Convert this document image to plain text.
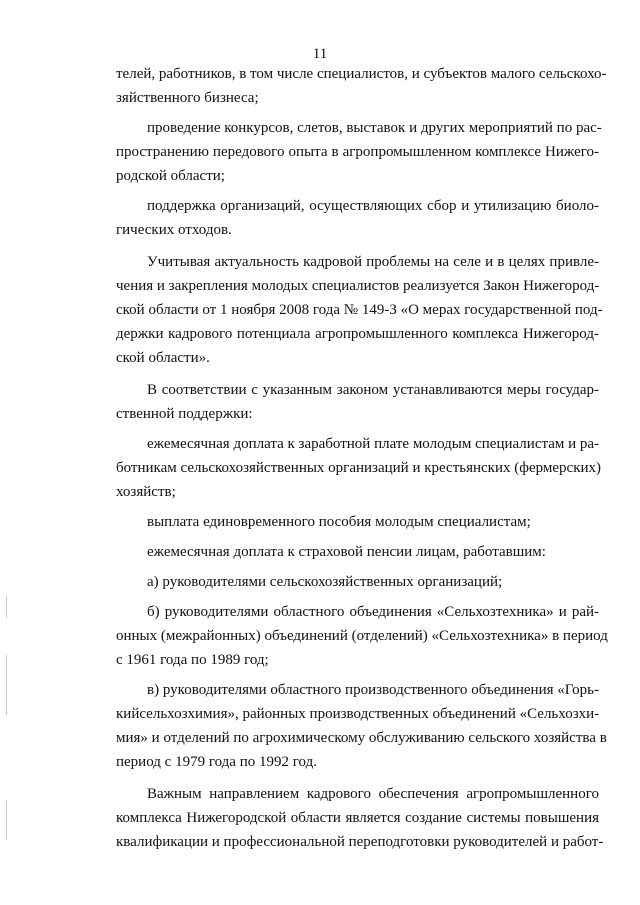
11

телей, работников, в том числе специалистов, и субъектов малого сельскохо-
зяйственного бизнеса;

проведение конкурсов, слетов, выставок и других мероприятий по рас-
пространению передового опыта в агропромышленном комплексе Нижего-
родской области;

поддержка организаций, осуществляющих сбор и утилизацию биоло-
гических отходов.

Учитывая актуальность кадровой проблемы на селе и в целях привле-
чения и закрепления молодых специалистов реализуется Закон Нижегород-
ской области от 1 ноября 2008 года № 149-З «О мерах государственной под-
держки кадрового потенциала агропромышленного комплекса Нижегород-
ской области».

В соответствии с указанным законом устанавливаются меры государ-
ственной поддержки:

ежемесячная доплата к заработной плате молодым специалистам и ра-
ботникам сельскохозяйственных организаций и крестьянских (фермерских)
хозяйств;

выплата единовременного пособия молодым специалистам;

ежемесячная доплата к страховой пенсии лицам, работавшим:

а) руководителями сельскохозяйственных организаций;

б) руководителями областного объединения «Сельхозтехника» и рай-
онных (межрайонных) объединений (отделений) «Сельхозтехника» в период
с 1961 года по 1989 год;

в) руководителями областного производственного объединения «Горь-
кийсельхозхимия», районных производственных объединений «Сельхозхи-
мия» и отделений по агрохимическому обслуживанию сельского хозяйства в
период с 1979 года по 1992 год.

Важным направлением кадрового обеспечения агропромышленного
комплекса Нижегородской области является создание системы повышения
квалификации и профессиональной переподготовки руководителей и работ-
